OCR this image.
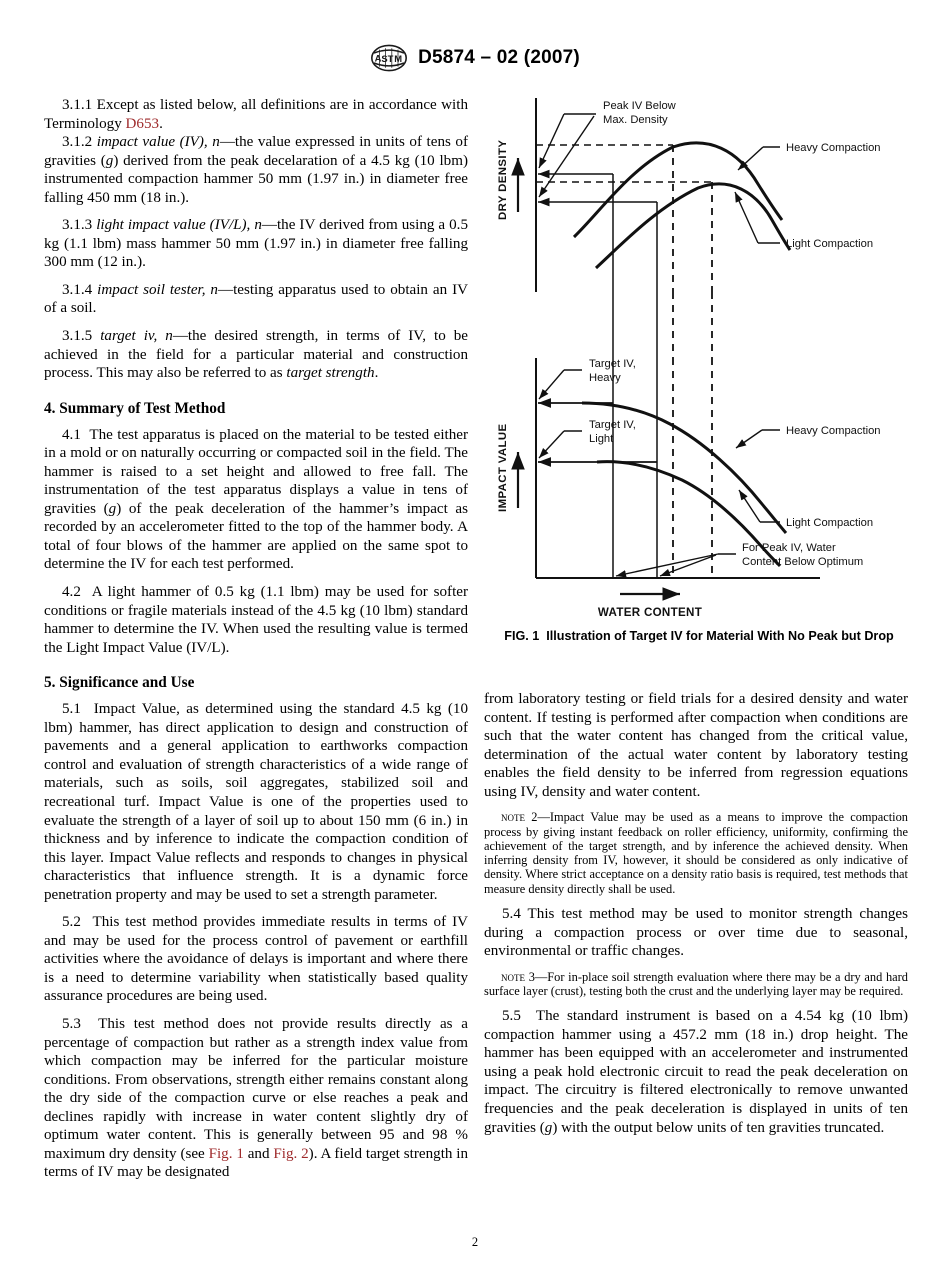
A S T M D5874 – 02 (2007)

3.1.1 Except as listed below, all definitions are in accordance with Terminology D653.

3.1.2 impact value (IV), n—the value expressed in units of tens of gravities (g) derived from the peak decelaration of a 4.5 kg (10 lbm) instrumented compaction hammer 50 mm (1.97 in.) in diameter free falling 450 mm (18 in.).

3.1.3 light impact value (IV/L), n—the IV derived from using a 0.5 kg (1.1 lbm) mass hammer 50 mm (1.97 in.) in diameter free falling 300 mm (12 in.).

3.1.4 impact soil tester, n—testing apparatus used to obtain an IV of a soil.

3.1.5 target iv, n—the desired strength, in terms of IV, to be achieved in the field for a particular material and construction process. This may also be referred to as target strength.

4. Summary of Test Method

4.1  The test apparatus is placed on the material to be tested either in a mold or on naturally occurring or compacted soil in the field. The hammer is raised to a set height and allowed to free fall. The instrumentation of the test apparatus displays a value in tens of gravities (g) of the peak deceleration of the hammer’s impact as recorded by an accelerometer fitted to the top of the hammer body. A total of four blows of the hammer are applied on the same spot to determine the IV for each test performed.

4.2  A light hammer of 0.5 kg (1.1 lbm) may be used for softer conditions or fragile materials instead of the 4.5 kg (10 lbm) standard hammer to determine the IV. When used the resulting value is termed the Light Impact Value (IV/L).

5. Significance and Use

5.1  Impact Value, as determined using the standard 4.5 kg (10 lbm) hammer, has direct application to design and construction of pavements and a general application to earthworks compaction control and evaluation of strength characteristics of a wide range of materials, such as soils, soil aggregates, stabilized soil and recreational turf. Impact Value is one of the properties used to evaluate the strength of a layer of soil up to about 150 mm (6 in.) in thickness and by inference to indicate the compaction condition of this layer. Impact Value reflects and responds to changes in physical characteristics that influence strength. It is a dynamic force penetration property and may be used to set a strength parameter.

5.2  This test method provides immediate results in terms of IV and may be used for the process control of pavement or earthfill activities where the avoidance of delays is important and where there is a need to determine variability when statistically based quality assurance procedures are being used.

5.3  This test method does not provide results directly as a percentage of compaction but rather as a strength index value from which compaction may be inferred for the particular moisture conditions. From observations, strength either remains constant along the dry side of the compaction curve or else reaches a peak and declines rapidly with increase in water content slightly dry of optimum water content. This is generally between 95 and 98 % maximum dry density (see Fig. 1 and Fig. 2). A field target strength in terms of IV may be designated

DRY DENSITY
Peak IV Below
Max. Density
Heavy Compaction
Light Compaction
IMPACT VALUE
Target IV,
Heavy
Target IV,
Light
Heavy Compaction
Light Compaction
For Peak IV, Water
Content Below Optimum
WATER CONTENT
FIG. 1 Illustration of Target IV for Material With No Peak but Drop

from laboratory testing or field trials for a desired density and water content. If testing is performed after compaction when conditions are such that the water content has changed from the critical value, determination of the actual water content by laboratory testing enables the field density to be inferred from regression equations using IV, density and water content.

note 2—Impact Value may be used as a means to improve the compaction process by giving instant feedback on roller efficiency, uniformity, confirming the achievement of the target strength, and by inference the achieved density. When inferring density from IV, however, it should be considered as only indicative of density. Where strict acceptance on a density ratio basis is required, test methods that measure density directly shall be used.

5.4 This test method may be used to monitor strength changes during a compaction process or over time due to seasonal, environmental or traffic changes.

note 3—For in-place soil strength evaluation where there may be a dry and hard surface layer (crust), testing both the crust and the underlying layer may be required.

5.5  The standard instrument is based on a 4.54 kg (10 lbm) compaction hammer using a 457.2 mm (18 in.) drop height. The hammer has been equipped with an accelerometer and instrumented using a peak hold electronic circuit to read the peak deceleration on impact. The circuitry is filtered electronically to remove unwanted frequencies and the peak deceleration is displayed in units of ten gravities (g) with the output below units of ten gravities truncated.

2
